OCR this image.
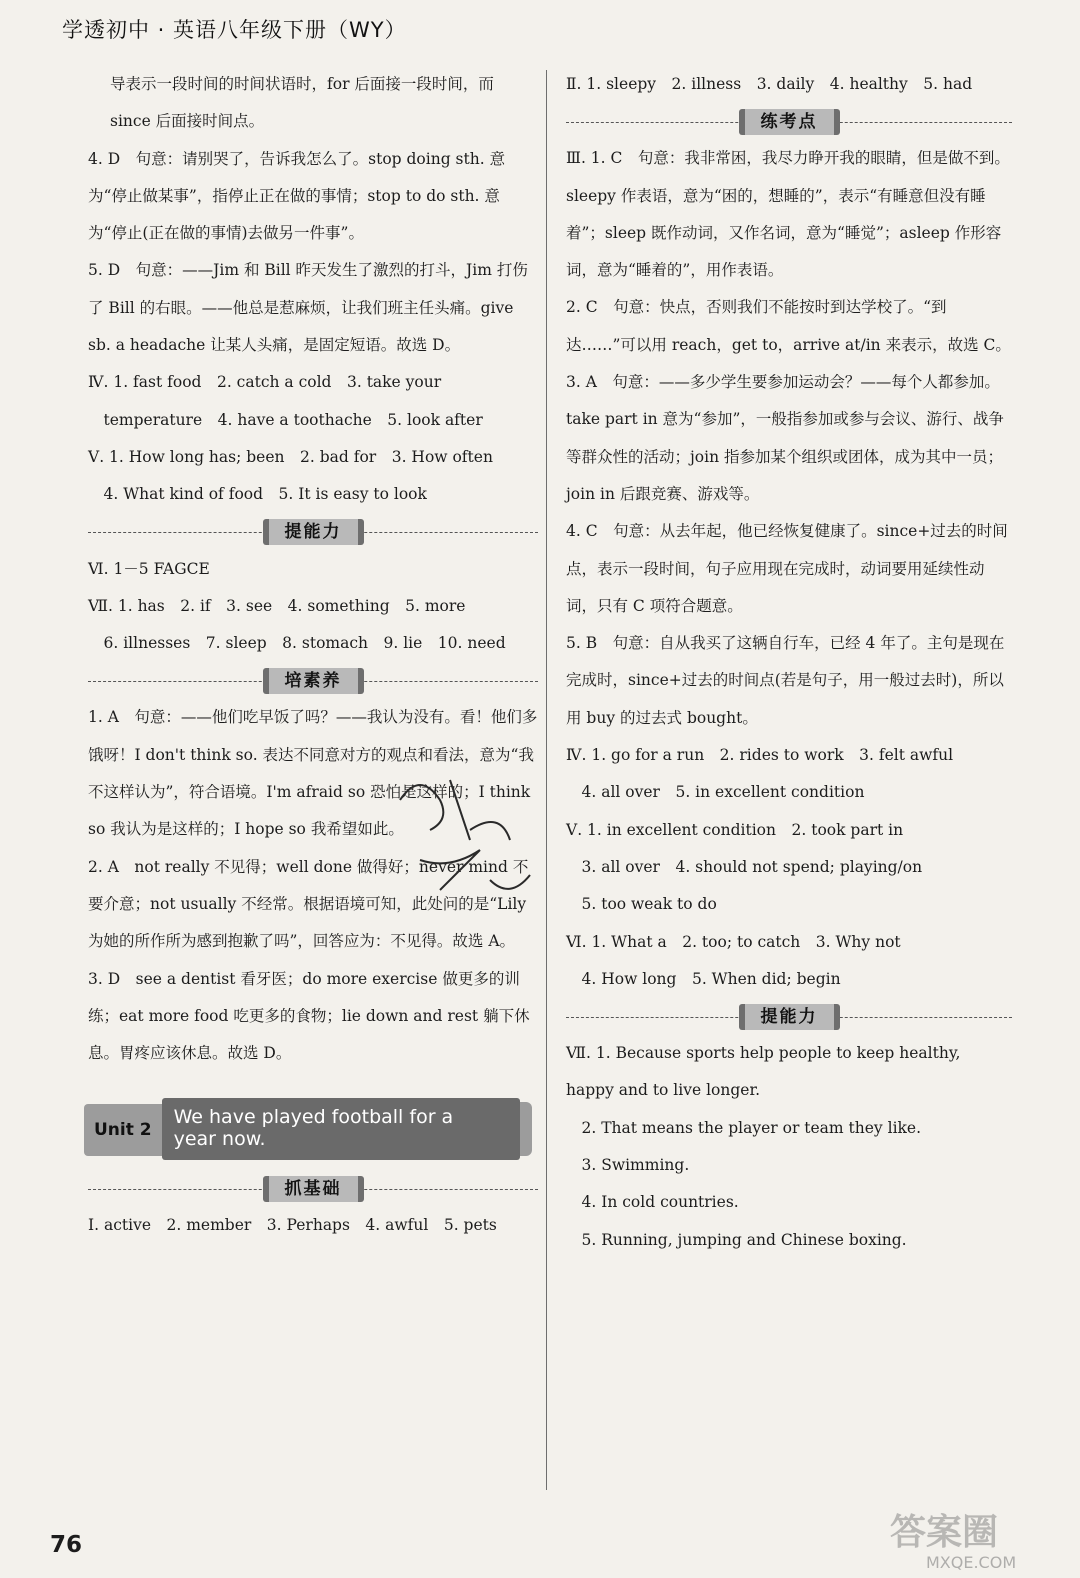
学透初中 · 英语八年级下册（WY）
导表示一段时间的时间状语时，for 后面接一段时间，而 since 后面接时间点。
4. D　句意：请别哭了，告诉我怎么了。stop doing sth. 意为“停止做某事”，指停止正在做的事情；stop to do sth. 意为“停止(正在做的事情)去做另一件事”。
5. D　句意：——Jim 和 Bill 昨天发生了激烈的打斗，Jim 打伤了 Bill 的右眼。——他总是惹麻烦，让我们班主任头痛。give sb. a headache 让某人头痛，是固定短语。故选 D。
Ⅳ. 1. fast food　2. catch a cold　3. take your
　temperature　4. have a toothache　5. look after
Ⅴ. 1. How long has; been　2. bad for　3. How often
　4. What kind of food　5. It is easy to look
提能力
Ⅵ. 1－5 FAGCE
Ⅶ. 1. has　2. if　3. see　4. something　5. more
　6. illnesses　7. sleep　8. stomach　9. lie　10. need
培素养
1. A　句意：——他们吃早饭了吗？——我认为没有。看！他们多饿呀！I don't think so. 表达不同意对方的观点和看法，意为“我不这样认为”，符合语境。I'm afraid so 恐怕是这样的；I think so 我认为是这样的；I hope so 我希望如此。
2. A　not really 不见得；well done 做得好；never mind 不要介意；not usually 不经常。根据语境可知，此处问的是“Lily 为她的所作所为感到抱歉了吗”，回答应为：不见得。故选 A。
3. D　see a dentist 看牙医；do more exercise 做更多的训练；eat more food 吃更多的食物；lie down and rest 躺下休息。胃疼应该休息。故选 D。
Unit 2
We have played football for a year now.
抓基础
Ⅰ. active　2. member　3. Perhaps　4. awful　5. pets
Ⅱ. 1. sleepy　2. illness　3. daily　4. healthy　5. had
练考点
Ⅲ. 1. C　句意：我非常困，我尽力睁开我的眼睛，但是做不到。sleepy 作表语，意为“困的，想睡的”，表示“有睡意但没有睡着”；sleep 既作动词，又作名词，意为“睡觉”；asleep 作形容词，意为“睡着的”，用作表语。
2. C　句意：快点，否则我们不能按时到达学校了。“到达……”可以用 reach，get to，arrive at/in 来表示，故选 C。
3. A　句意：——多少学生要参加运动会？——每个人都参加。take part in 意为“参加”，一般指参加或参与会议、游行、战争等群众性的活动；join 指参加某个组织或团体，成为其中一员；join in 后跟竞赛、游戏等。
4. C　句意：从去年起，他已经恢复健康了。since+过去的时间点，表示一段时间，句子应用现在完成时，动词要用延续性动词，只有 C 项符合题意。
5. B　句意：自从我买了这辆自行车，已经 4 年了。主句是现在完成时，since+过去的时间点(若是句子，用一般过去时)，所以用 buy 的过去式 bought。
Ⅳ. 1. go for a run　2. rides to work　3. felt awful
　4. all over　5. in excellent condition
Ⅴ. 1. in excellent condition　2. took part in
　3. all over　4. should not spend; playing/on
　5. too weak to do
Ⅵ. 1. What a　2. too; to catch　3. Why not
　4. How long　5. When did; begin
提能力
Ⅶ. 1. Because sports help people to keep healthy, happy and to live longer.
　2. That means the player or team they like.
　3. Swimming.
　4. In cold countries.
　5. Running, jumping and Chinese boxing.
76	答案圈
MXQE.COM
